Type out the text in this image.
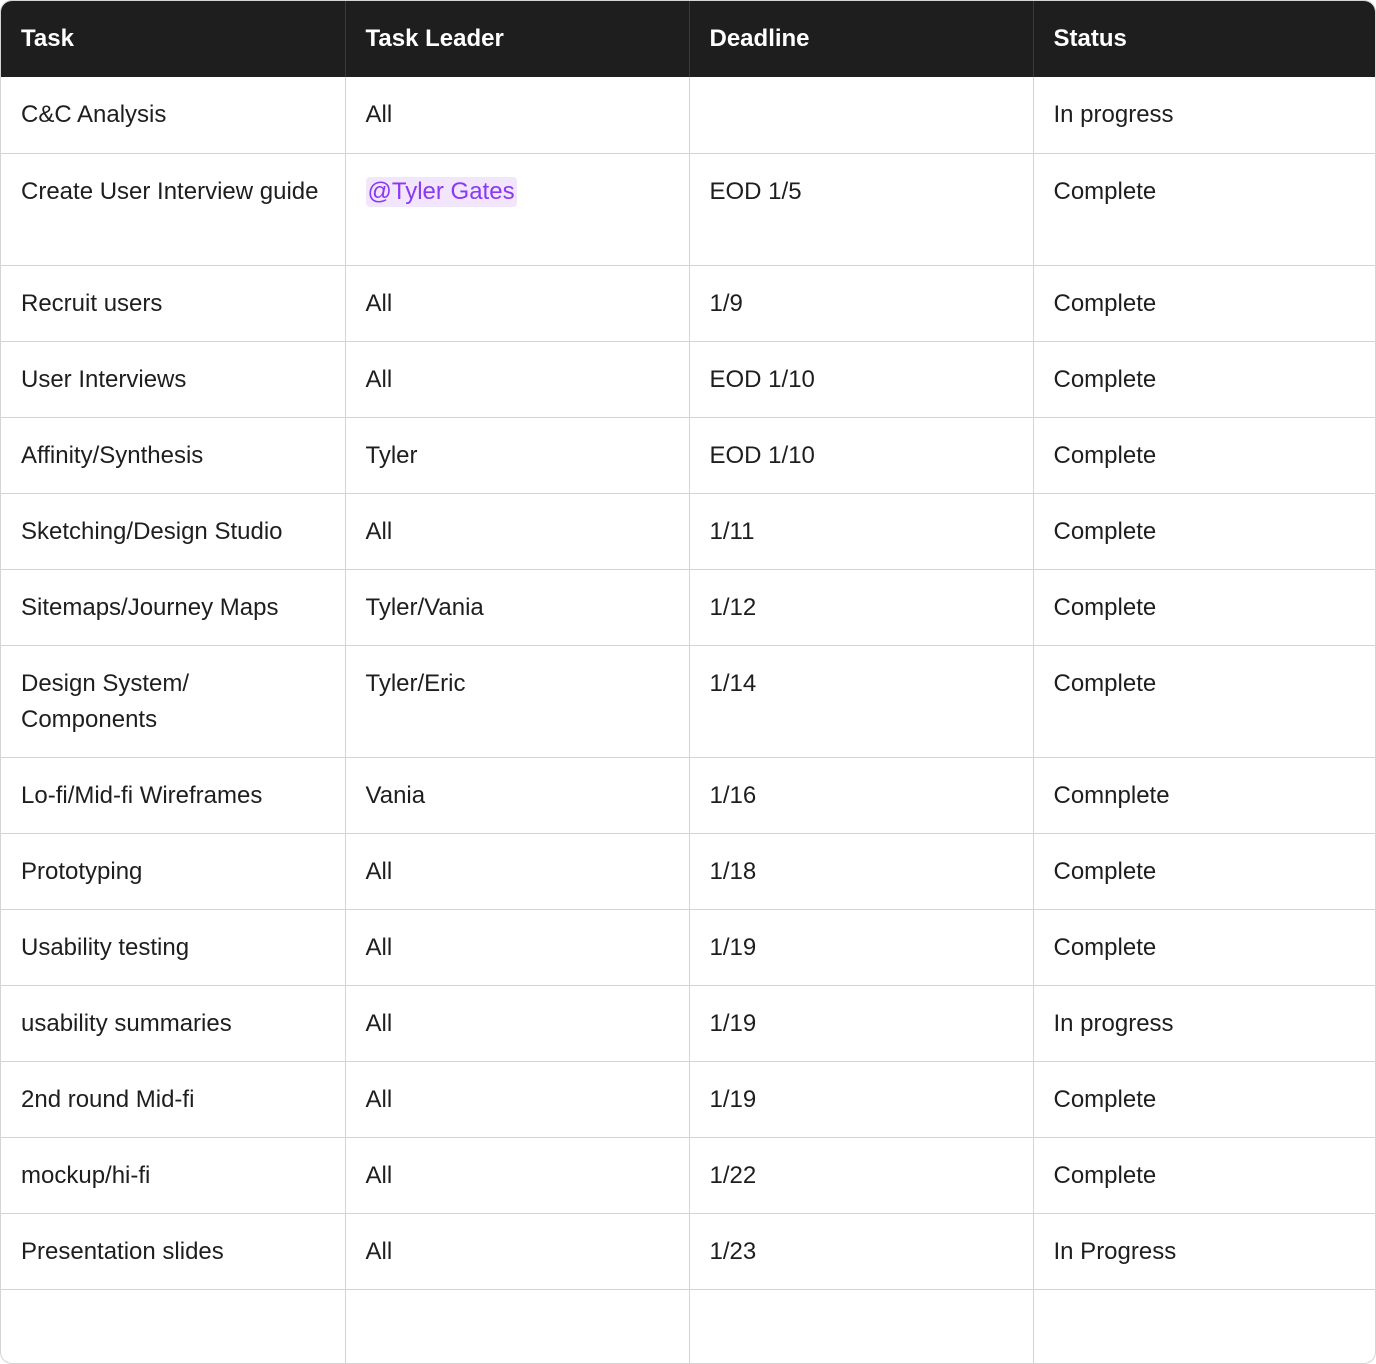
Task	Task Leader	Deadline	Status
C&C Analysis	All		In progress
Create User Interview guide	@Tyler Gates	EOD 1/5	Complete
Recruit users	All	1/9	Complete
User Interviews	All	EOD 1/10	Complete
Affinity/Synthesis	Tyler	EOD 1/10	Complete
Sketching/Design Studio	All	1/11	Complete
Sitemaps/Journey Maps	Tyler/Vania	1/12	Complete
Design System/ Components	Tyler/Eric	1/14	Complete
Lo-fi/Mid-fi Wireframes	Vania	1/16	Comnplete
Prototyping	All	1/18	Complete
Usability testing	All	1/19	Complete
usability summaries	All	1/19	In progress
2nd round Mid-fi	All	1/19	Complete
mockup/hi-fi	All	1/22	Complete
Presentation slides	All	1/23	In Progress
